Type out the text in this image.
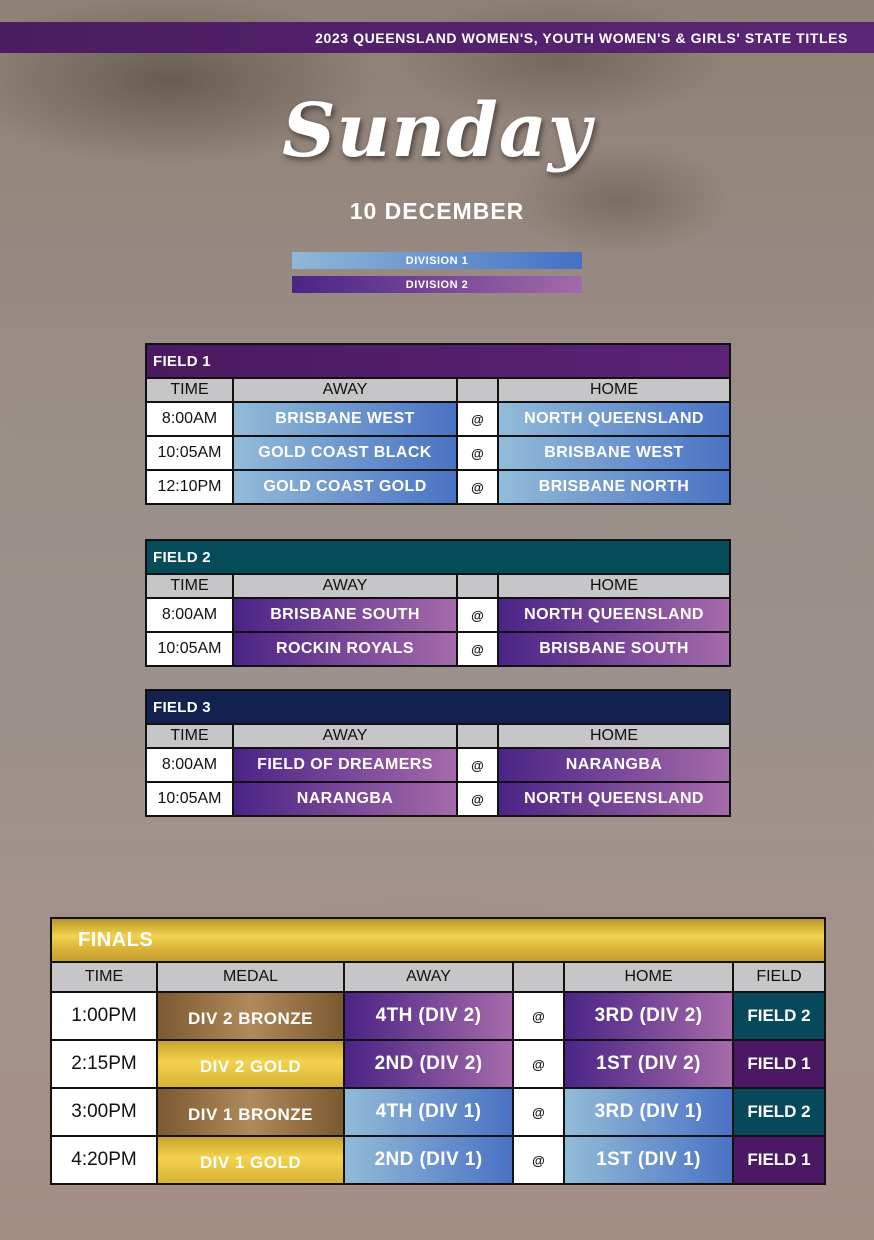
2023 QUEENSLAND WOMEN'S, YOUTH WOMEN'S & GIRLS' STATE TITLES
Sunday
10 DECEMBER
DIVISION 1
DIVISION 2
FIELD 1			
TIME	AWAY		HOME
8:00AM	BRISBANE WEST	@	NORTH QUEENSLAND
10:05AM	GOLD COAST BLACK	@	BRISBANE WEST
12:10PM	GOLD COAST GOLD	@	BRISBANE NORTH
FIELD 2			
TIME	AWAY		HOME
8:00AM	BRISBANE SOUTH	@	NORTH QUEENSLAND
10:05AM	ROCKIN ROYALS	@	BRISBANE SOUTH
FIELD 3			
TIME	AWAY		HOME
8:00AM	FIELD OF DREAMERS	@	NARANGBA
10:05AM	NARANGBA	@	NORTH QUEENSLAND
FINALS					
TIME	MEDAL	AWAY		HOME	FIELD
1:00PM	DIV 2 BRONZE	4TH (DIV 2)	@	3RD (DIV 2)	FIELD 2
2:15PM	DIV 2 GOLD	2ND (DIV 2)	@	1ST (DIV 2)	FIELD 1
3:00PM	DIV 1 BRONZE	4TH (DIV 1)	@	3RD (DIV 1)	FIELD 2
4:20PM	DIV 1 GOLD	2ND (DIV 1)	@	1ST (DIV 1)	FIELD 1
